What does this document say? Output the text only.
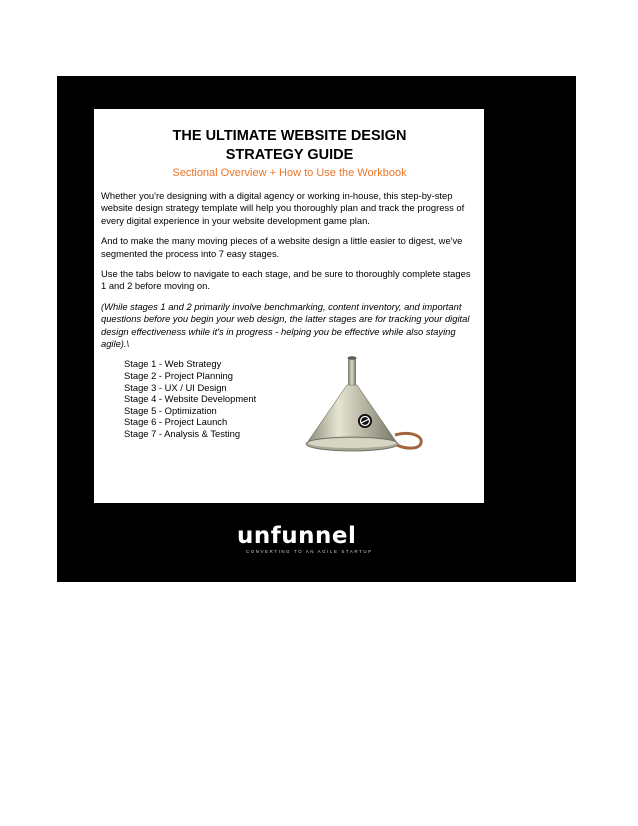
THE ULTIMATE WEBSITE DESIGN
STRATEGY GUIDE

Sectional Overview + How to Use the Workbook

Whether you're designing with a digital agency or working in-house, this step-by-step website design strategy template will help you thoroughly plan and track the progress of every digital experience in your website development game plan.

And to make the many moving pieces of a website design a little easier to digest, we've segmented the process into 7 easy stages.

Use the tabs below to navigate to each stage, and be sure to thoroughly complete stages 1 and 2 before moving on.

(While stages 1 and 2 primarily involve benchmarking, content inventory, and important questions before you begin your web design, the latter stages are for tracking your digital design effectiveness while it's in progress - helping you be effective while also staying agile).\

Stage 1 - Web Strategy
Stage 2 - Project Planning
Stage 3 - UX / UI Design
Stage 4 - Website Development
Stage 5 - Optimization
Stage 6 - Project Launch
Stage 7 - Analysis & Testing
unfunnel
CONVERTING TO AN AGILE STARTUP
